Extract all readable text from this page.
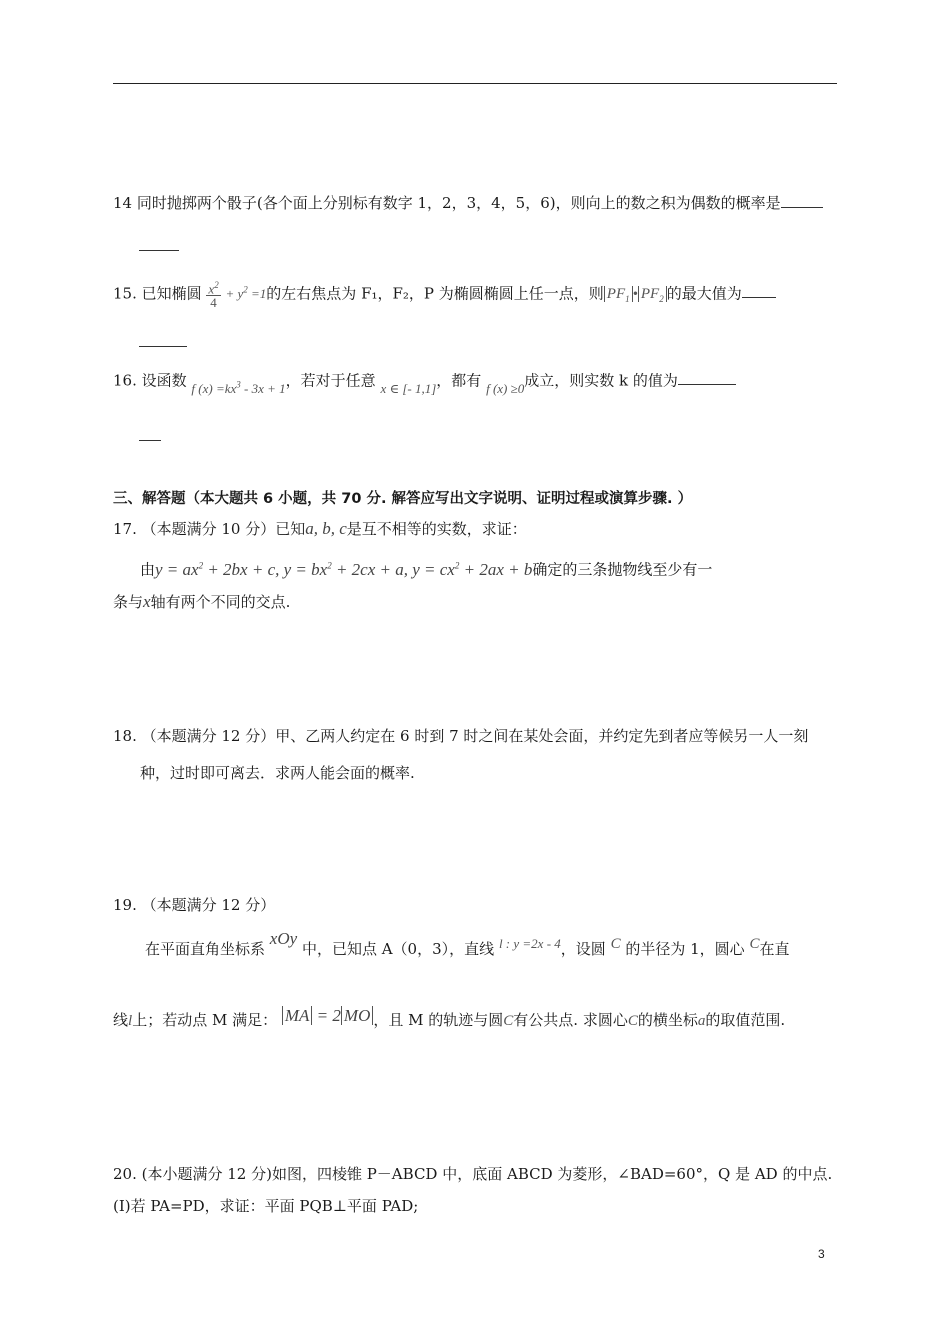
14 同时抛掷两个骰子(各个面上分别标有数字 1，2，3，4，5，6)，则向上的数之积为偶数的概率是
15. 已知椭圆 $\frac{x^2}{4} + y^2 =1$的左右焦点为 F₁，F₂，P 为椭圆椭圆上任一点，则 $PF_1$ • $PF_2$ 的最大值为
16. 设函数 f $(x) =kx^3 - 3x + 1$，若对于任意 x ∈ [- 1,1]，都有 f (x) ≥0成立，则实数 k 的值为
三、解答题（本大题共 6 小题，共 70 分. 解答应写出文字说明、证明过程或演算步骤. ）
17. （本题满分 10 分）已知a, b, c是互不相等的实数，求证：
由$y = ax^2 + 2bx + c$, $y = bx^2 + 2cx + a$, $y = cx^2 + 2ax + b$确定的三条抛物线至少有一
条与x轴有两个不同的交点.
18. （本题满分 12 分）甲、乙两人约定在 6 时到 7 时之间在某处会面，并约定先到者应等候另一人一刻
种，过时即可离去．求两人能会面的概率.
19. （本题满分 12 分）
在平面直角坐标系 xOy 中，已知点 A（0，3），直线 l : y =2x - 4，设圆 C 的半径为 1，圆心 C在直
线l上；若动点 M 满足： MA = 2 MO ，且 M 的轨迹与圆C有公共点. 求圆心C的横坐标a的取值范围.
20. (本小题满分 12 分)如图，四棱锥 P－ABCD 中，底面 ABCD 为菱形，∠BAD=60°，Q 是 AD 的中点.
(I)若 PA=PD，求证：平面 PQB⊥平面 PAD;
3
